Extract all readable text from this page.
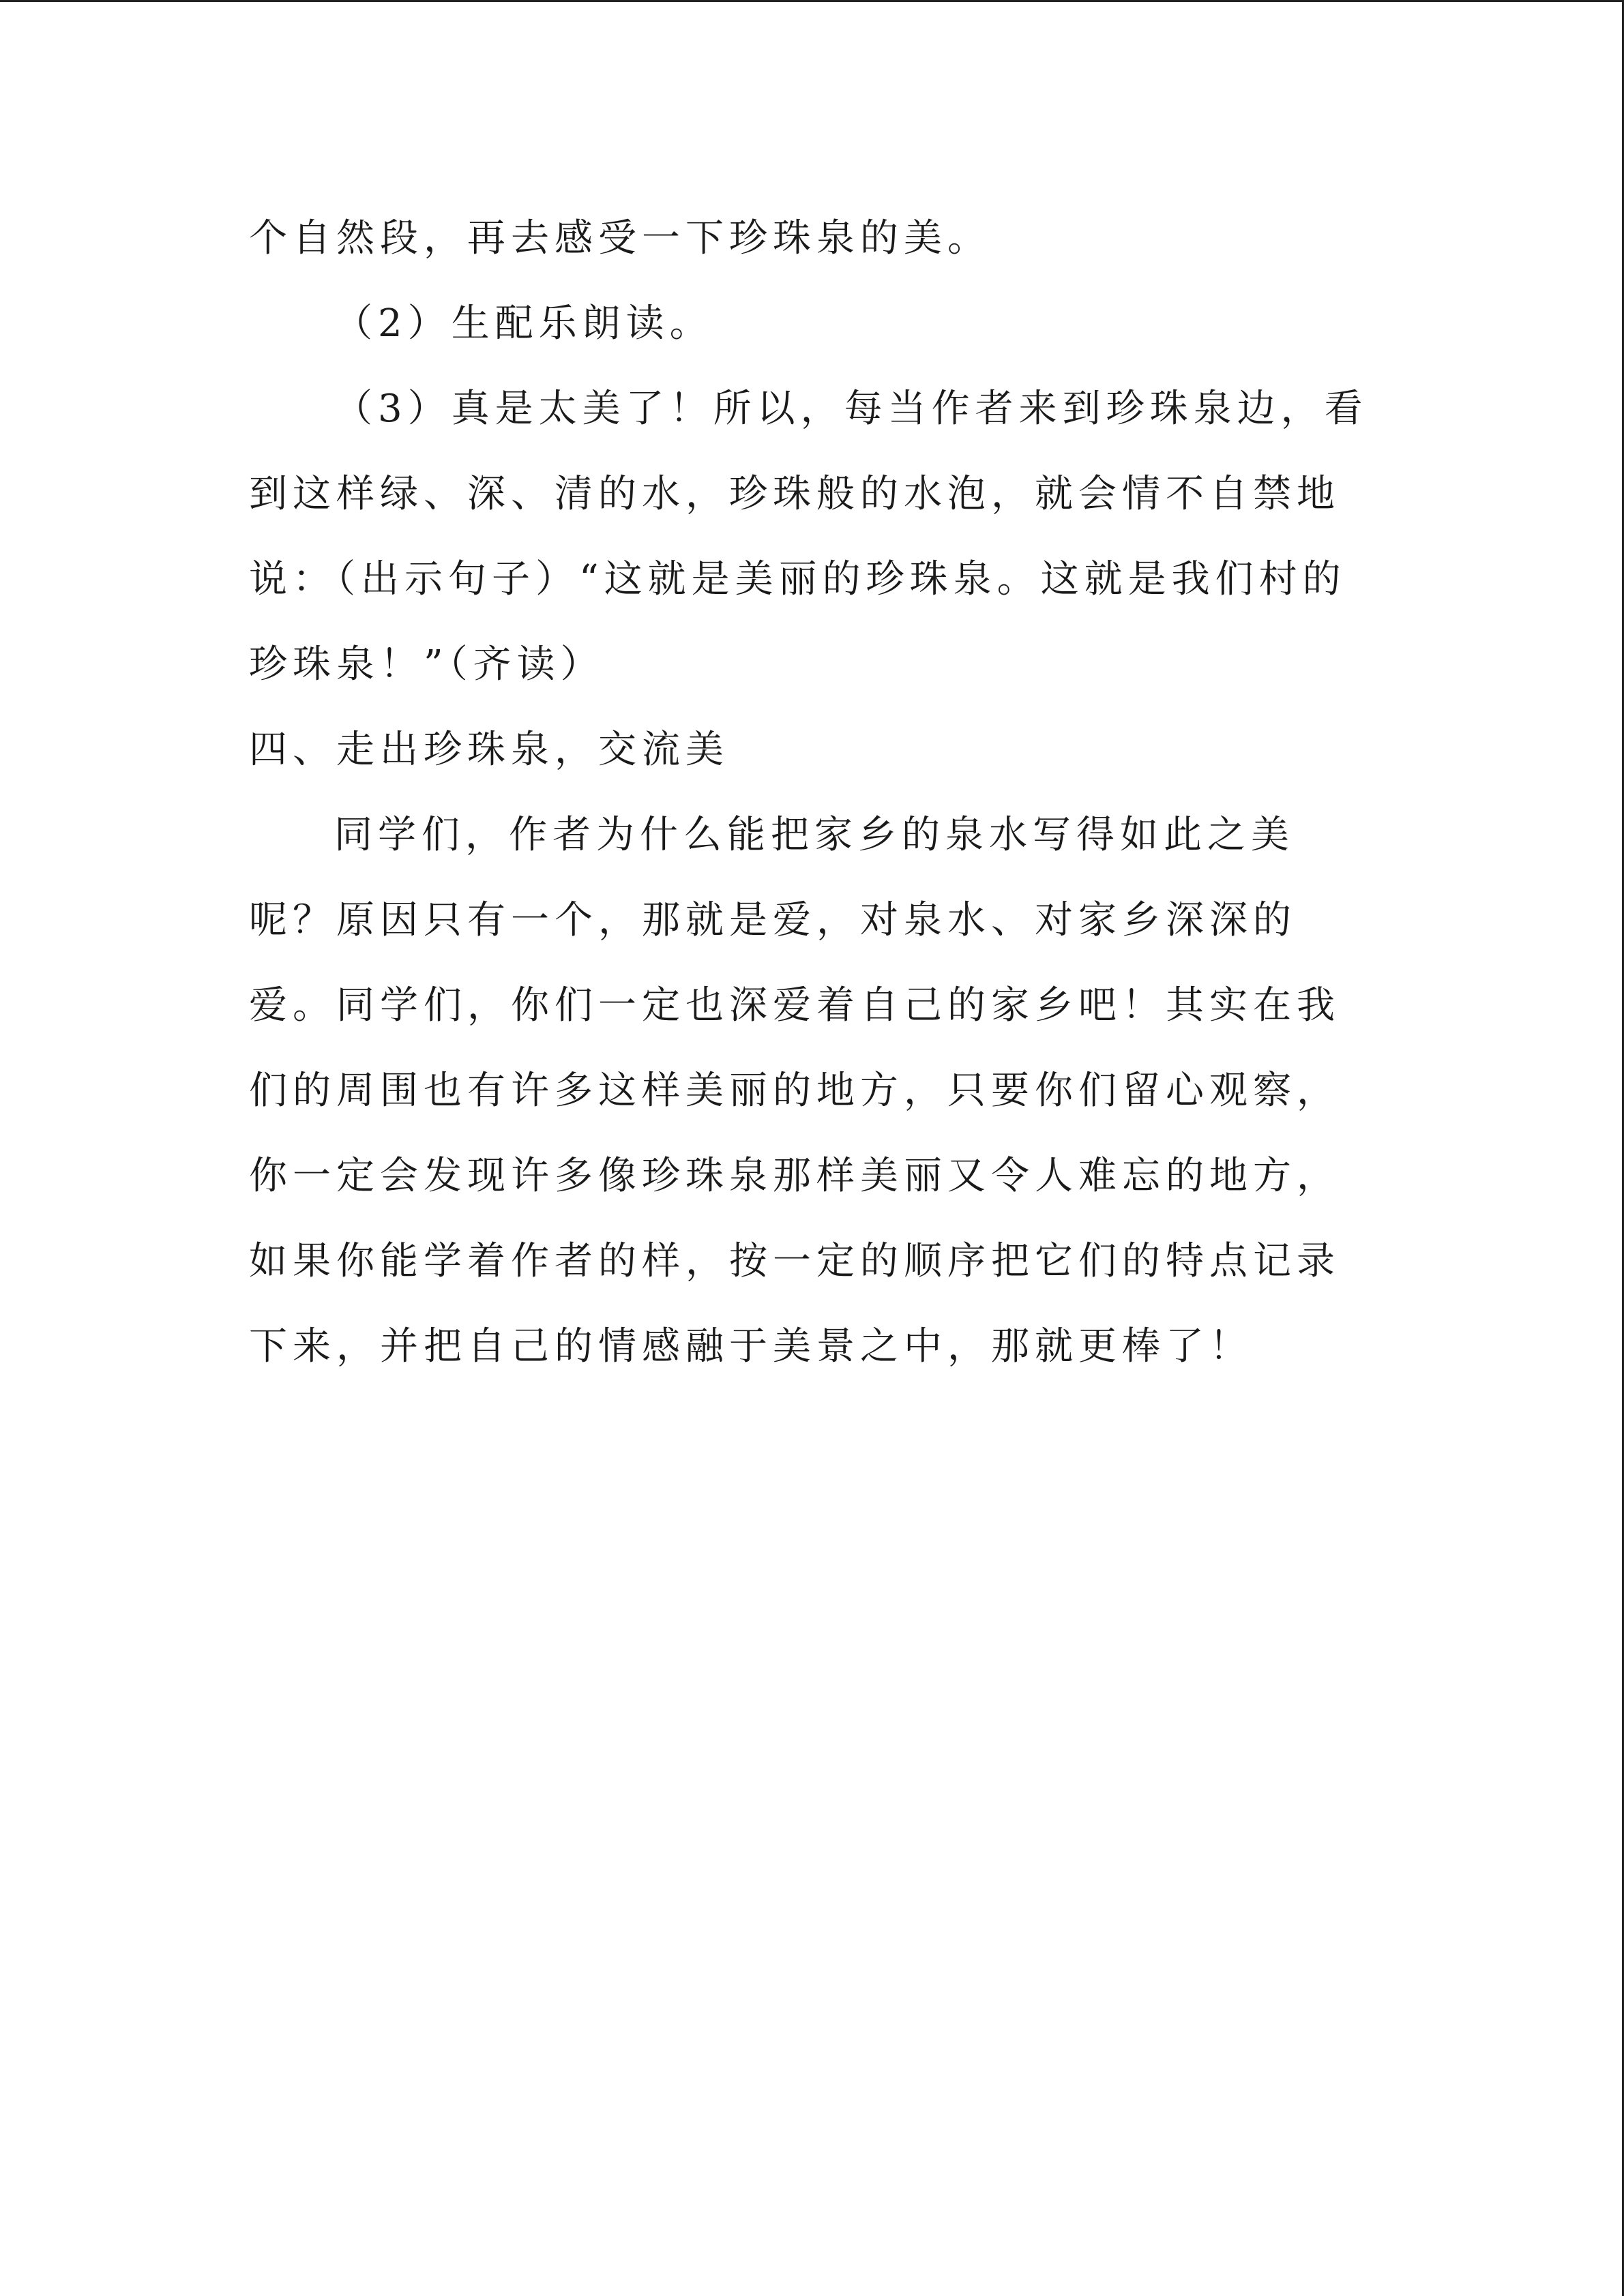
个自然段，再去感受一下珍珠泉的美。
（2）生配乐朗读。
（3）真是太美了！所以，每当作者来到珍珠泉边，看
到这样绿、深、清的水，珍珠般的水泡，就会情不自禁地
说：（出示句子）“这就是美丽的珍珠泉。这就是我们村的
珍珠泉！”（齐读）
四、走出珍珠泉，交流美
同学们，作者为什么能把家乡的泉水写得如此之美
呢？原因只有一个，那就是爱，对泉水、对家乡深深的
爱。同学们，你们一定也深爱着自己的家乡吧！其实在我
们的周围也有许多这样美丽的地方，只要你们留心观察，
你一定会发现许多像珍珠泉那样美丽又令人难忘的地方，
如果你能学着作者的样，按一定的顺序把它们的特点记录
下来，并把自己的情感融于美景之中，那就更棒了！
